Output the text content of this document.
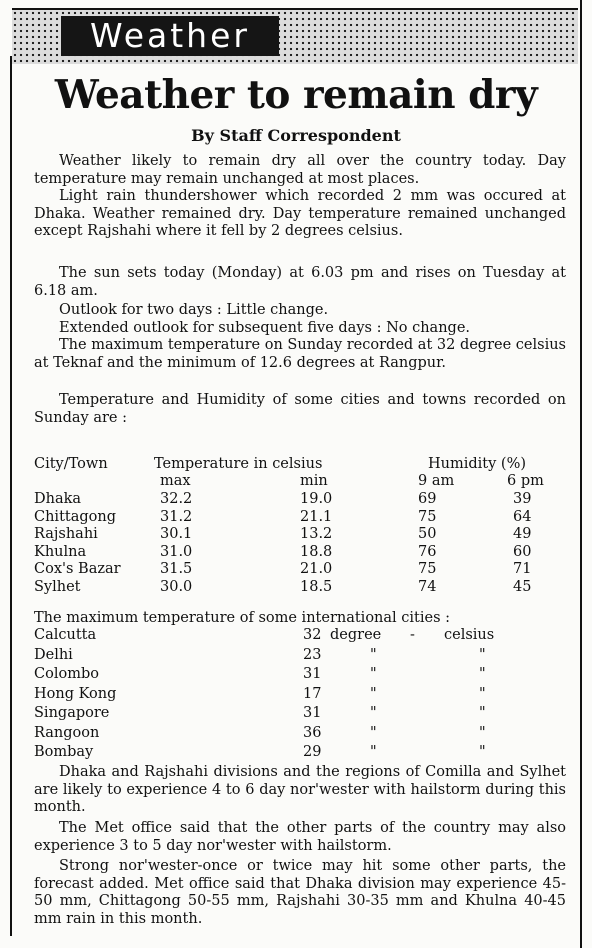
Weather
Weather to remain dry
By Staff Correspondent
Weather likely to remain dry all over the country today. Day temperature may remain unchanged at most places.
Light rain thundershower which recorded 2 mm was occured at Dhaka. Weather remained dry. Day temperature remained unchanged except Rajshahi where it fell by 2 degrees celsius.
The sun sets today (Monday) at 6.03 pm and rises on Tuesday at 6.18 am.
Outlook for two days : Little change.
Extended outlook for subsequent five days : No change.
The maximum temperature on Sunday recorded at 32 degree celsius at Teknaf and the minimum of 12.6 degrees at Rangpur.
Temperature and Humidity of some cities and towns recorded on Sunday are :
City/Town	Temperature in celsius	Humidity (%)
max	min	9 am	6 pm
Dhaka	32.2	19.0	69	39
Chittagong	31.2	21.1	75	64
Rajshahi	30.1	13.2	50	49
Khulna	31.0	18.8	76	60
Cox's Bazar	31.5	21.0	75	71
Sylhet	30.0	18.5	74	45
The maximum temperature of some international cities :
Calcutta	32 degree - celsius
Delhi	23	"	"
Colombo	31	"	"
Hong Kong	17	"	"
Singapore	31	"	"
Rangoon	36	"	"
Bombay	29	"	"
Dhaka and Rajshahi divisions and the regions of Comilla and Sylhet are likely to experience 4 to 6 day nor'wester with hailstorm during this month.
The Met office said that the other parts of the country may also experience 3 to 5 day nor'wester with hailstorm.
Strong nor'wester-once or twice may hit some other parts, the forecast added. Met office said that Dhaka division may experience 45-50 mm, Chittagong 50-55 mm, Rajshahi 30-35 mm and Khulna 40-45 mm rain in this month.
